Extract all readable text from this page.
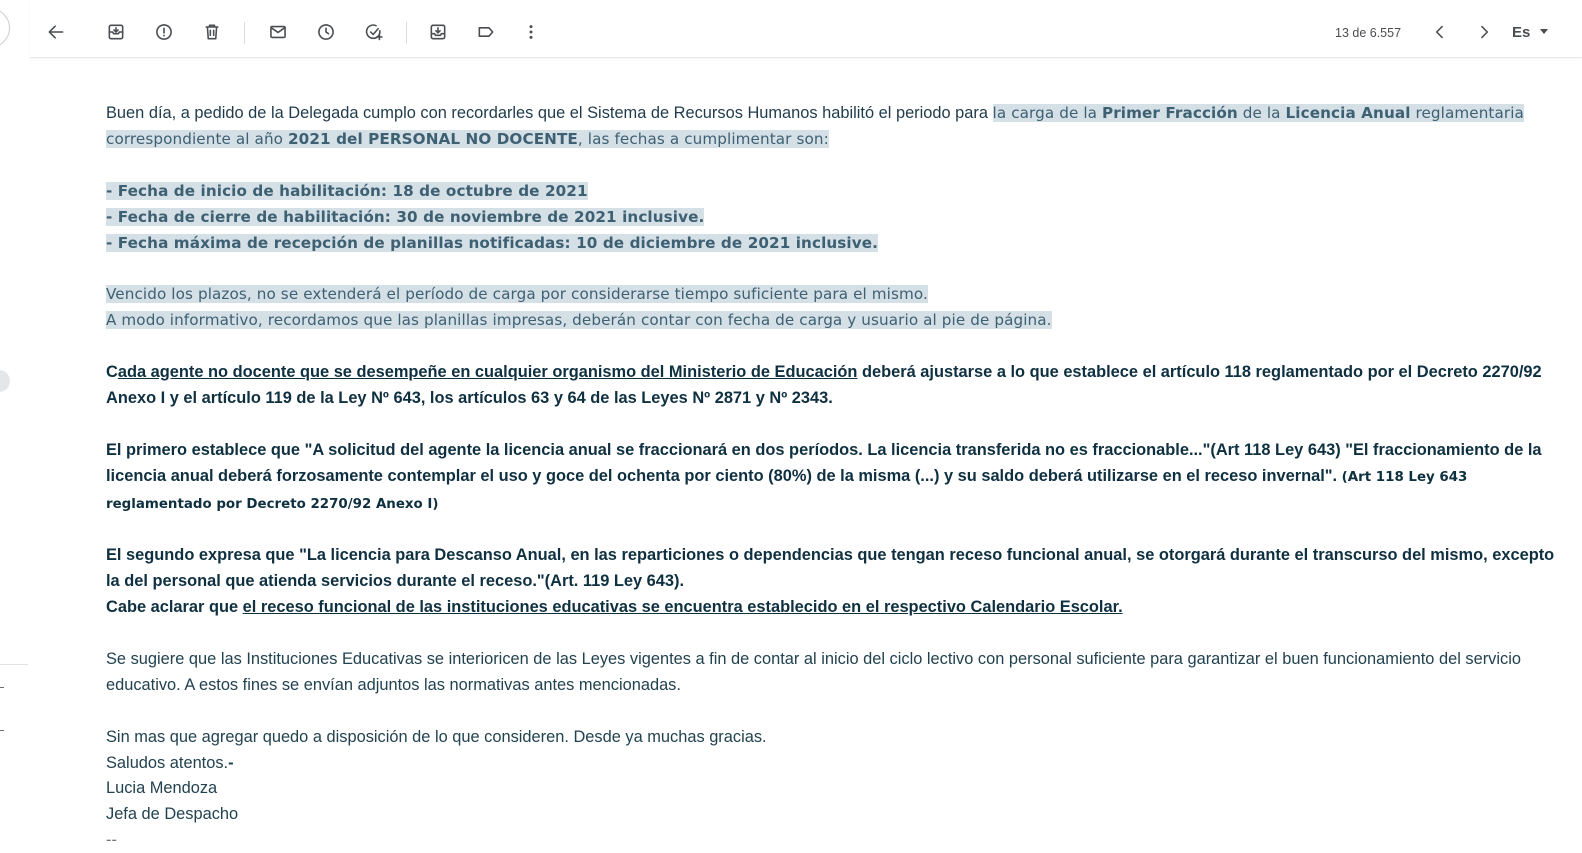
13 de 6.557	Es
Buen día, a pedido de la Delegada cumplo con recordarles que el Sistema de Recursos Humanos habilitó el periodo para la carga de la Primer Fracción de la Licencia Anual reglamentaria correspondiente al año 2021 del PERSONAL NO DOCENTE, las fechas a cumplimentar son:
- Fecha de inicio de habilitación: 18 de octubre de 2021
- Fecha de cierre de habilitación: 30 de noviembre de 2021 inclusive.
- Fecha máxima de recepción de planillas notificadas: 10 de diciembre de 2021 inclusive.
Vencido los plazos, no se extenderá el período de carga por considerarse tiempo suficiente para el mismo.
A modo informativo, recordamos que las planillas impresas, deberán contar con fecha de carga y usuario al pie de página.
Cada agente no docente que se desempeñe en cualquier organismo del Ministerio de Educación deberá ajustarse a lo que establece el artículo 118 reglamentado por el Decreto 2270/92 Anexo I y el artículo 119 de la Ley Nº 643, los artículos 63 y 64 de las Leyes Nº 2871 y Nº 2343.
El primero establece que "A solicitud del agente la licencia anual se fraccionará en dos períodos. La licencia transferida no es fraccionable..."(Art 118 Ley 643) "El fraccionamiento de la licencia anual deberá forzosamente contemplar el uso y goce del ochenta por ciento (80%) de la misma (...) y su saldo deberá utilizarse en el receso invernal". (Art 118 Ley 643 reglamentado por Decreto 2270/92 Anexo I)
El segundo expresa que "La licencia para Descanso Anual, en las reparticiones o dependencias que tengan receso funcional anual, se otorgará durante el transcurso del mismo, excepto la del personal que atienda servicios durante el receso."(Art. 119 Ley 643).
Cabe aclarar que el receso funcional de las instituciones educativas se encuentra establecido en el respectivo Calendario Escolar.
Se sugiere que las Instituciones Educativas se interioricen de las Leyes vigentes a fin de contar al inicio del ciclo lectivo con personal suficiente para garantizar el buen funcionamiento del servicio educativo. A estos fines se envían adjuntos las normativas antes mencionadas.
Sin mas que agregar quedo a disposición de lo que consideren. Desde ya muchas gracias.
Saludos atentos.-
Lucia Mendoza
Jefa de Despacho
--
